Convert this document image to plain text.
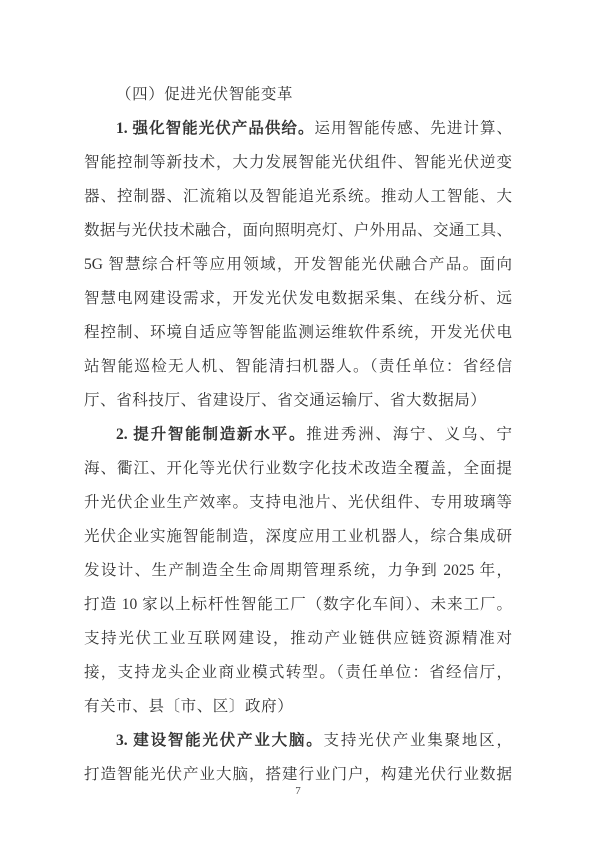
（四）促进光伏智能变革
1. 强化智能光伏产品供给。运用智能传感、先进计算、
智能控制等新技术，大力发展智能光伏组件、智能光伏逆变
器、控制器、汇流箱以及智能追光系统。推动人工智能、大
数据与光伏技术融合，面向照明亮灯、户外用品、交通工具、
5G 智慧综合杆等应用领域，开发智能光伏融合产品。面向
智慧电网建设需求，开发光伏发电数据采集、在线分析、远
程控制、环境自适应等智能监测运维软件系统，开发光伏电
站智能巡检无人机、智能清扫机器人。（责任单位：省经信
厅、省科技厅、省建设厅、省交通运输厅、省大数据局）
2. 提升智能制造新水平。推进秀洲、海宁、义乌、宁
海、衢江、开化等光伏行业数字化技术改造全覆盖，全面提
升光伏企业生产效率。支持电池片、光伏组件、专用玻璃等
光伏企业实施智能制造，深度应用工业机器人，综合集成研
发设计、生产制造全生命周期管理系统，力争到 2025 年，
打造 10 家以上标杆性智能工厂（数字化车间）、未来工厂。
支持光伏工业互联网建设，推动产业链供应链资源精准对
接，支持龙头企业商业模式转型。（责任单位：省经信厅，
有关市、县〔市、区〕政府）
3. 建设智能光伏产业大脑。支持光伏产业集聚地区，
打造智能光伏产业大脑，搭建行业门户，构建光伏行业数据
7
